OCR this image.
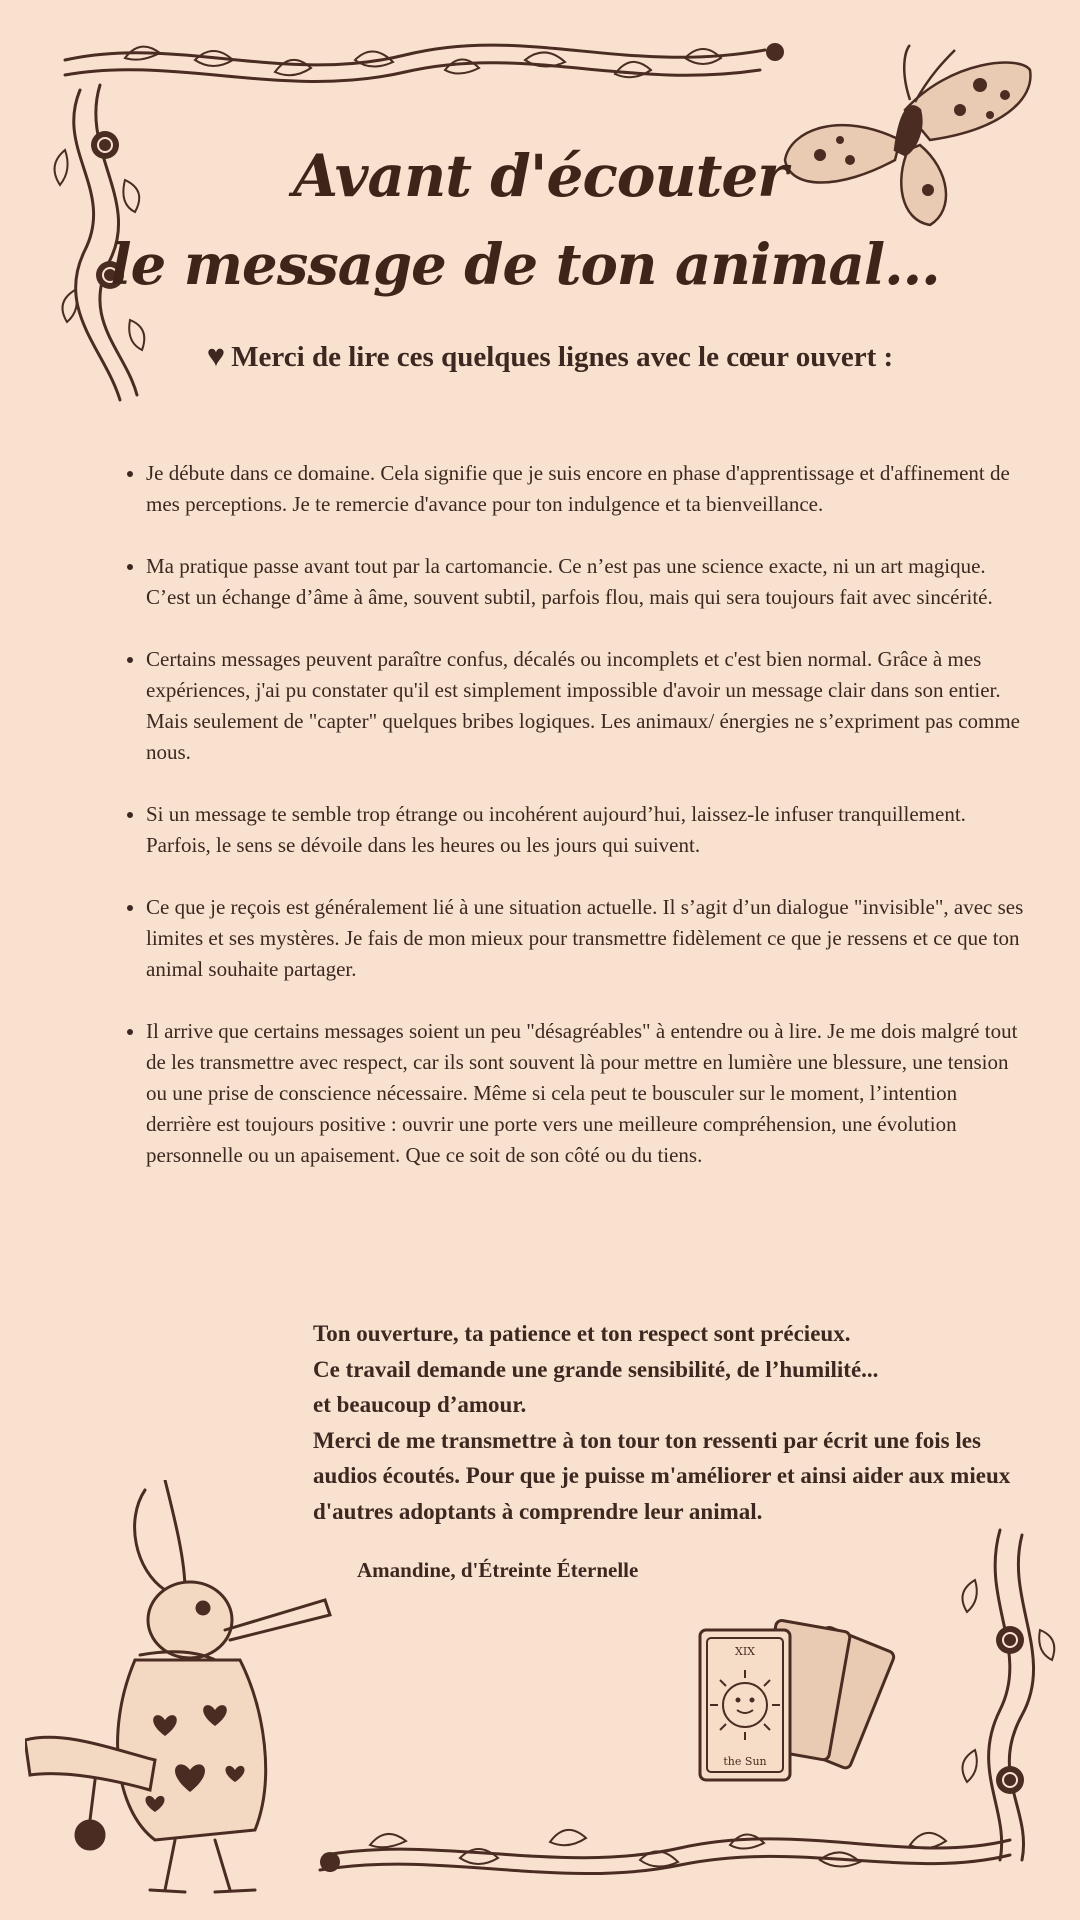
Avant d'écouter
le message de ton animal...

♥ Merci de lire ces quelques lignes avec le cœur ouvert :

• Je débute dans ce domaine. Cela signifie que je suis encore en phase d'apprentissage et d'affinement de mes perceptions. Je te remercie d'avance pour ton indulgence et ta bienveillance.
• Ma pratique passe avant tout par la cartomancie. Ce n’est pas une science exacte, ni un art magique. C’est un échange d’âme à âme, souvent subtil, parfois flou, mais qui sera toujours fait avec sincérité.
• Certains messages peuvent paraître confus, décalés ou incomplets et c'est bien normal. Grâce à mes expériences, j'ai pu constater qu'il est simplement impossible d'avoir un message clair dans son entier. Mais seulement de "capter" quelques bribes logiques. Les animaux/ énergies ne s’expriment pas comme nous.
• Si un message te semble trop étrange ou incohérent aujourd’hui, laissez-le infuser tranquillement. Parfois, le sens se dévoile dans les heures ou les jours qui suivent.
• Ce que je reçois est généralement lié à une situation actuelle. Il s’agit d’un dialogue "invisible", avec ses limites et ses mystères. Je fais de mon mieux pour transmettre fidèlement ce que je ressens et ce que ton animal souhaite partager.
• Il arrive que certains messages soient un peu "désagréables" à entendre ou à lire. Je me dois malgré tout de les transmettre avec respect, car ils sont souvent là pour mettre en lumière une blessure, une tension ou une prise de conscience nécessaire. Même si cela peut te bousculer sur le moment, l’intention derrière est toujours positive : ouvrir une porte vers une meilleure compréhension, une évolution personnelle ou un apaisement. Que ce soit de son côté ou du tiens.

Ton ouverture, ta patience et ton respect sont précieux.

Ce travail demande une grande sensibilité, de l’humilité...

et beaucoup d’amour.

Merci de me transmettre à ton tour ton ressenti par écrit une fois les audios écoutés. Pour que je puisse m'améliorer et ainsi aider aux mieux d'autres adoptants à comprendre leur animal.

Amandine, d'Étreinte Éternelle
XIX
the Sun
